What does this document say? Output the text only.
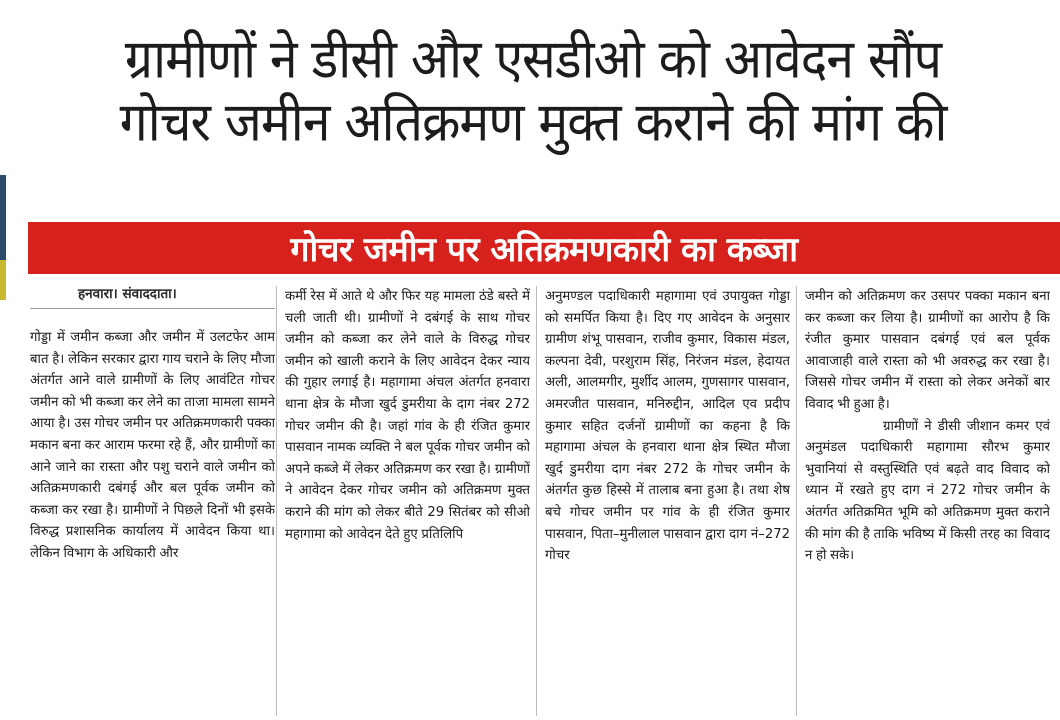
ग्रामीणों ने डीसी और एसडीओ को आवेदन सौंप
गोचर जमीन अतिक्रमण मुक्त कराने की मांग की
गोचर जमीन पर अतिक्रमणकारी का कब्जा
हनवारा। संवाददाता।

गोड्डा में जमीन कब्जा और जमीन में उलटफेर आम बात है। लेकिन सरकार द्वारा गाय चराने के लिए मौजा अंतर्गत आने वाले ग्रामीणों के लिए आवंटित गोचर जमीन को भी कब्जा कर लेने का ताजा मामला सामने आया है। उस गोचर जमीन पर अतिक्रमणकारी पक्का मकान बना कर आराम फरमा रहे हैं, और ग्रामीणों का आने जाने का रास्ता और पशु चराने वाले जमीन को अतिक्रमणकारी दबंगई और बल पूर्वक जमीन को कब्जा कर रखा है। ग्रामीणों ने पिछले दिनों भी इसके विरुद्ध प्रशासनिक कार्यालय में आवेदन किया था। लेकिन विभाग के अधिकारी और

कर्मी रेस में आते थे और फिर यह मामला ठंडे बस्ते में चली जाती थी। ग्रामीणों ने दबंगई के साथ गोचर जमीन को कब्जा कर लेने वाले के विरुद्ध गोचर जमीन को खाली कराने के लिए आवेदन देकर न्याय की गुहार लगाई है। महागामा अंचल अंतर्गत हनवारा थाना क्षेत्र के मौजा खुर्द डुमरीया के दाग नंबर 272 गोचर जमीन की है। जहां गांव के ही रंजित कुमार पासवान नामक व्यक्ति ने बल पूर्वक गोचर जमीन को अपने कब्जे में लेकर अतिक्रमण कर रखा है। ग्रामीणों ने आवेदन देकर गोचर जमीन को अतिक्रमण मुक्त कराने की मांग को लेकर बीते 29 सितंबर को सीओ महागामा को आवेदन देते हुए प्रतिलिपि

अनुमण्डल पदाधिकारी महागामा एवं उपायुक्त गोड्डा को समर्पित किया है। दिए गए आवेदन के अनुसार ग्रामीण शंभू पासवान, राजीव कुमार, विकास मंडल, कल्पना देवी, परशुराम सिंह, निरंजन मंडल, हेदायत अली, आलमगीर, मुर्शीद आलम, गुणसागर पासवान, अमरजीत पासवान, मनिरुद्दीन, आदिल एव प्रदीप कुमार सहित दर्जनों ग्रामीणों का कहना है कि महागामा अंचल के हनवारा थाना क्षेत्र स्थित मौजा खुर्द डुमरीया दाग नंबर 272 के गोचर जमीन के अंतर्गत कुछ हिस्से में तालाब बना हुआ है। तथा शेष बचे गोचर जमीन पर गांव के ही रंजित कुमार पासवान, पिता–मुनीलाल पासवान द्वारा दाग नं–272 गोचर

जमीन को अतिक्रमण कर उसपर पक्का मकान बना कर कब्जा कर लिया है। ग्रामीणों का आरोप है कि रंजीत कुमार पासवान दबंगई एवं बल पूर्वक आवाजाही वाले रास्ता को भी अवरुद्ध कर रखा है। जिससे गोचर जमीन में रास्ता को लेकर अनेकों बार विवाद भी हुआ है।

ग्रामीणों ने डीसी जीशान कमर एवं अनुमंडल पदाधिकारी महागामा सौरभ कुमार भुवानियां से वस्तुस्थिति एवं बढ़ते वाद विवाद को ध्यान में रखते हुए दाग नं 272 गोचर जमीन के अंतर्गत अतिक्रमित भूमि को अतिक्रमण मुक्त कराने की मांग की है ताकि भविष्य में किसी तरह का विवाद न हो सके।
